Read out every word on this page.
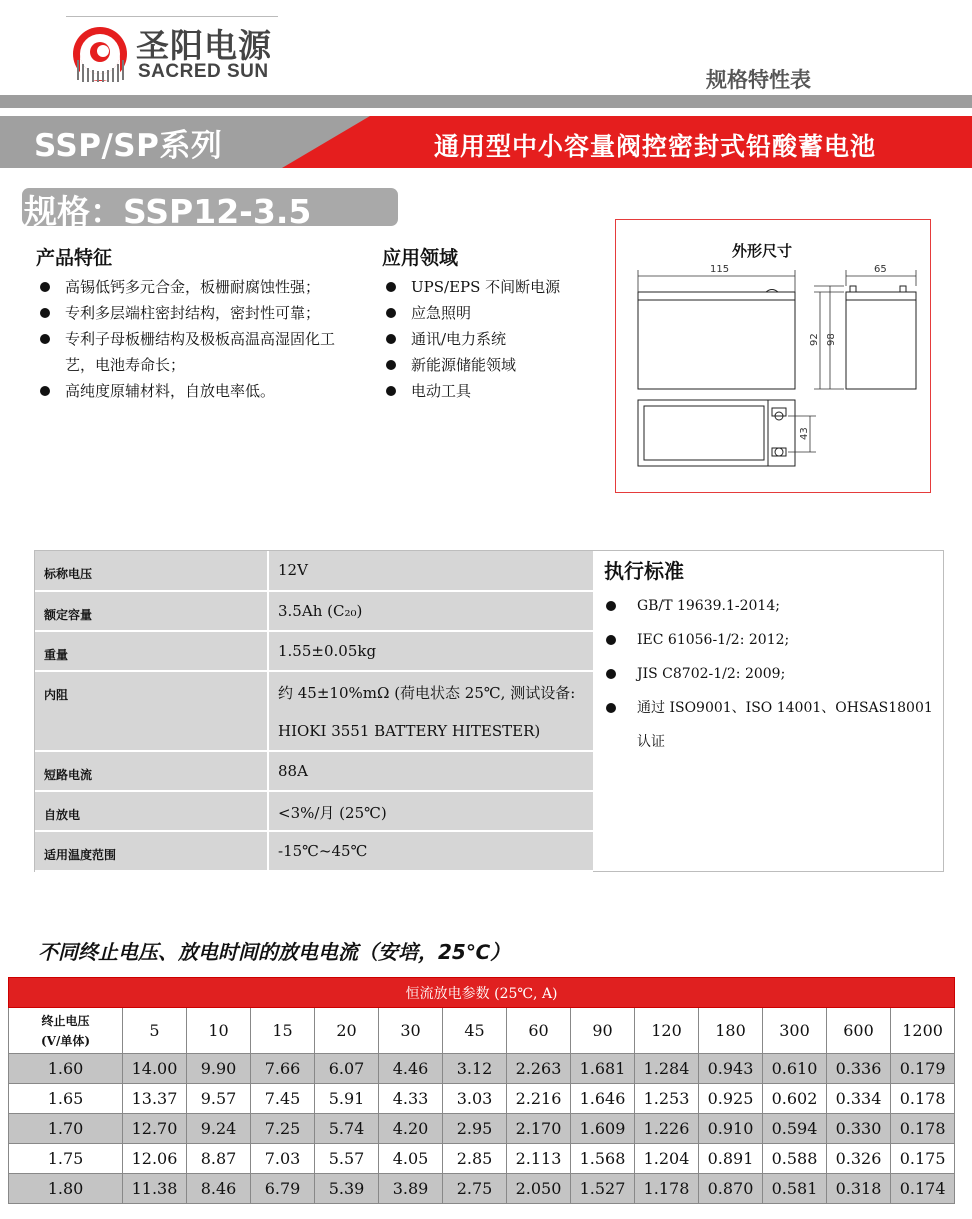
圣阳电源
SACRED SUN	规格特性表
SSP/SP系列	通用型中小容量阀控密封式铅酸蓄电池
规格：SSP12-3.5
产品特征
高锡低钙多元合金，板栅耐腐蚀性强；
专利多层端柱密封结构，密封性可靠；
专利子母板栅结构及极板高温高湿固化工艺，电池寿命长；
高纯度原辅材料，自放电率低。
应用领域
UPS/EPS 不间断电源
应急照明
通讯/电力系统
新能源储能领域
电动工具
外形尺寸
115	65
92 98
43
标称电压	12V
额定容量	3.5Ah (C₂₀)
重量	1.55±0.05kg
内阻	约 45±10%mΩ (荷电状态 25℃, 测试设备: HIOKI 3551 BATTERY HITESTER)
短路电流	88A
自放电	<3%/月 (25℃)
适用温度范围	-15℃~45℃
执行标准
GB/T 19639.1-2014;
IEC 61056-1/2: 2012;
JIS C8702-1/2: 2009;
通过 ISO9001、ISO 14001、OHSAS18001 认证
不同终止电压、放电时间的放电电流（安培，25℃）
恒流放电参数 (25℃, A)													

终止电压
(V/单体)	5	10	15	20	30	45	60	90	120	180	300	600	1200
1.60	14.00	9.90	7.66	6.07	4.46	3.12	2.263	1.681	1.284	0.943	0.610	0.336	0.179
1.65	13.37	9.57	7.45	5.91	4.33	3.03	2.216	1.646	1.253	0.925	0.602	0.334	0.178
1.70	12.70	9.24	7.25	5.74	4.20	2.95	2.170	1.609	1.226	0.910	0.594	0.330	0.178
1.75	12.06	8.87	7.03	5.57	4.05	2.85	2.113	1.568	1.204	0.891	0.588	0.326	0.175
1.80	11.38	8.46	6.79	5.39	3.89	2.75	2.050	1.527	1.178	0.870	0.581	0.318	0.174
